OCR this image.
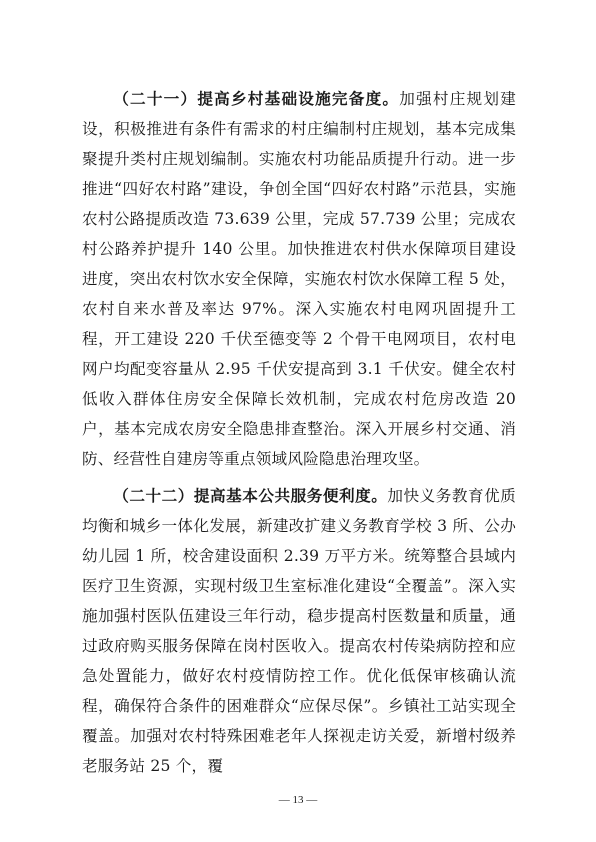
（二十一）提高乡村基础设施完备度。加强村庄规划建设，积极推进有条件有需求的村庄编制村庄规划，基本完成集聚提升类村庄规划编制。实施农村功能品质提升行动。进一步推进“四好农村路”建设，争创全国“四好农村路”示范县，实施农村公路提质改造 73.639 公里，完成 57.739 公里；完成农村公路养护提升 140 公里。加快推进农村供水保障项目建设进度，突出农村饮水安全保障，实施农村饮水保障工程 5 处，农村自来水普及率达 97%。深入实施农村电网巩固提升工程，开工建设 220 千伏至德变等 2 个骨干电网项目，农村电网户均配变容量从 2.95 千伏安提高到 3.1 千伏安。健全农村低收入群体住房安全保障长效机制，完成农村危房改造 20 户，基本完成农房安全隐患排查整治。深入开展乡村交通、消防、经营性自建房等重点领域风险隐患治理攻坚。

（二十二）提高基本公共服务便利度。加快义务教育优质均衡和城乡一体化发展，新建改扩建义务教育学校 3 所、公办幼儿园 1 所，校舍建设面积 2.39 万平方米。统筹整合县域内医疗卫生资源，实现村级卫生室标准化建设“全覆盖”。深入实施加强村医队伍建设三年行动，稳步提高村医数量和质量，通过政府购买服务保障在岗村医收入。提高农村传染病防控和应急处置能力，做好农村疫情防控工作。优化低保审核确认流程，确保符合条件的困难群众“应保尽保”。乡镇社工站实现全覆盖。加强对农村特殊困难老年人探视走访关爱，新增村级养老服务站 25 个，覆

— 13 —
